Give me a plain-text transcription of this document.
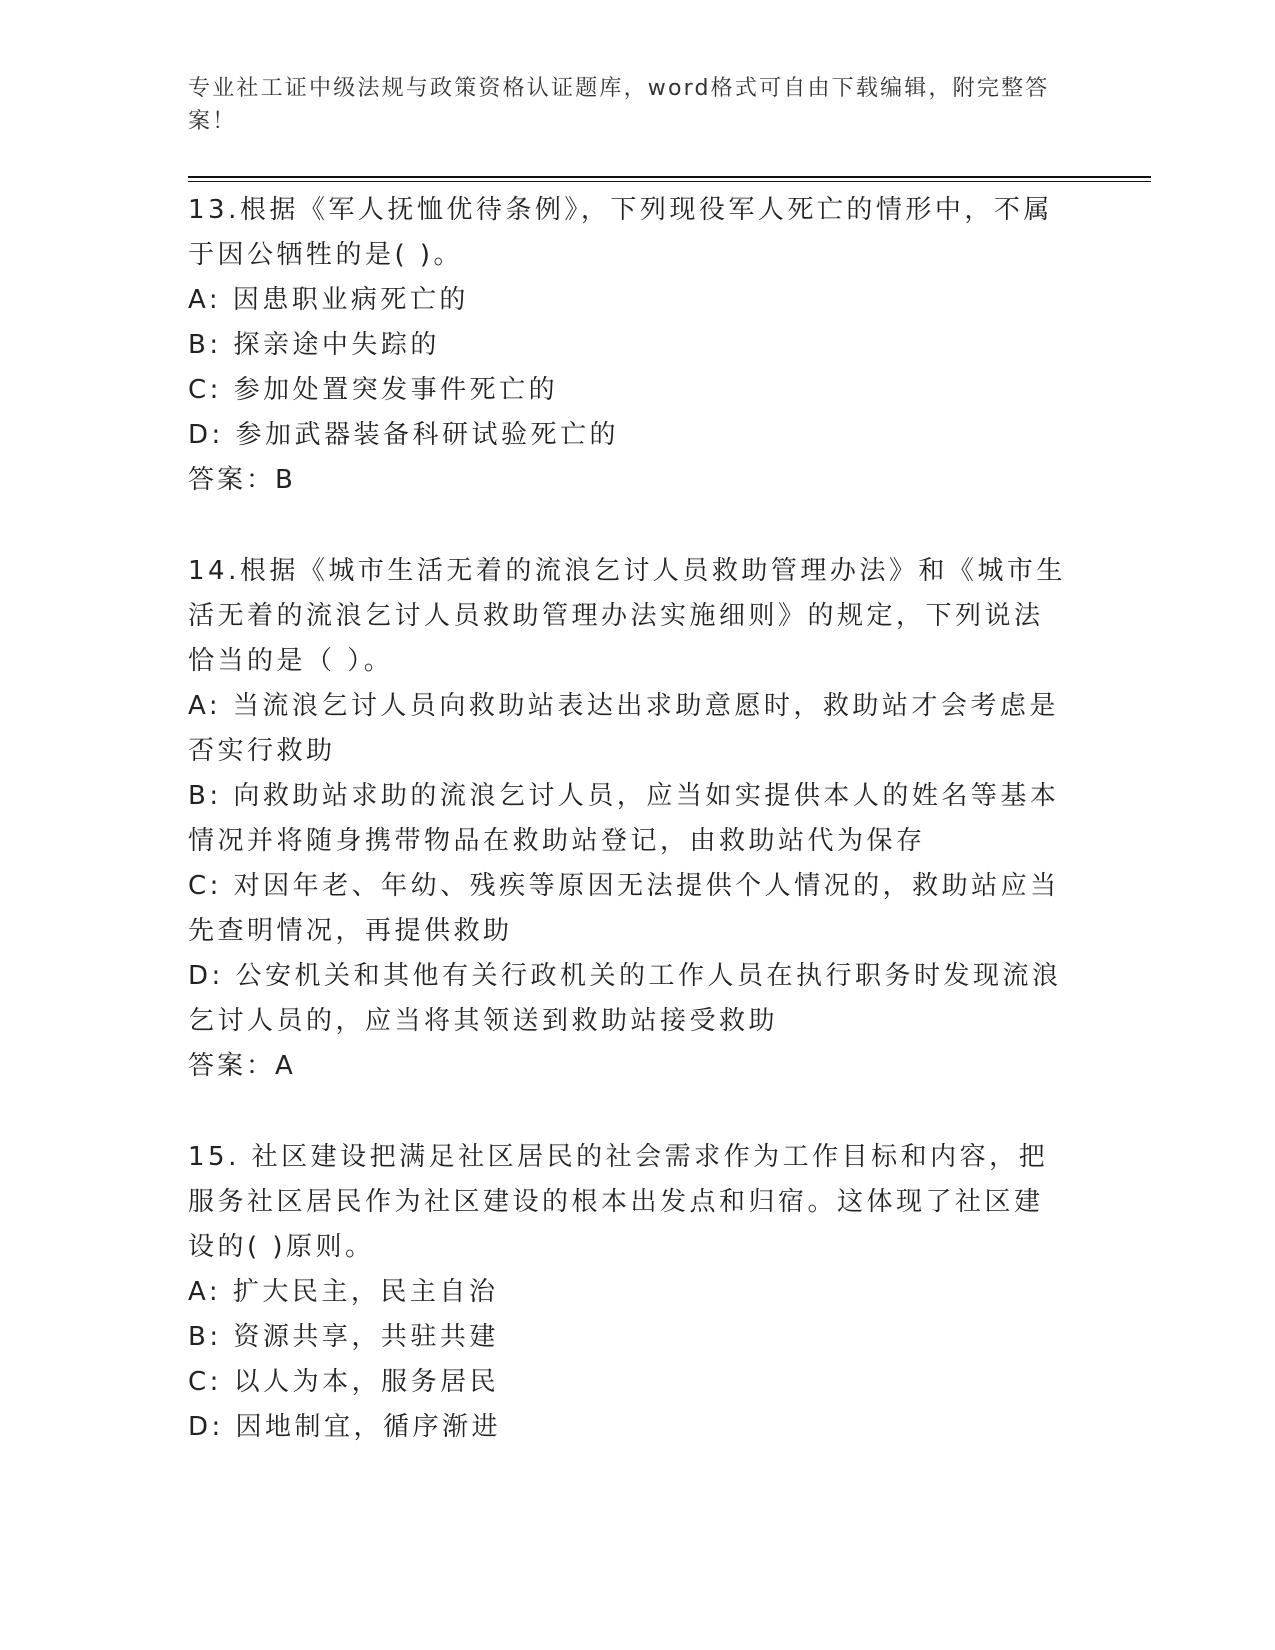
专业社工证中级法规与政策资格认证题库，word格式可自由下载编辑，附完整答案！

13.根据《军人抚恤优待条例》，下列现役军人死亡的情形中，不属于因公牺牲的是( )。

A: 因患职业病死亡的
B: 探亲途中失踪的
C: 参加处置突发事件死亡的
D: 参加武器装备科研试验死亡的

答案：B

14.根据《城市生活无着的流浪乞讨人员救助管理办法》和《城市生活无着的流浪乞讨人员救助管理办法实施细则》的规定，下列说法恰当的是（ ）。

A: 当流浪乞讨人员向救助站表达出求助意愿时，救助站才会考虑是否实行救助
B: 向救助站求助的流浪乞讨人员，应当如实提供本人的姓名等基本情况并将随身携带物品在救助站登记，由救助站代为保存
C: 对因年老、年幼、残疾等原因无法提供个人情况的，救助站应当先查明情况，再提供救助
D: 公安机关和其他有关行政机关的工作人员在执行职务时发现流浪乞讨人员的，应当将其领送到救助站接受救助

答案：A

15. 社区建设把满足社区居民的社会需求作为工作目标和内容，把服务社区居民作为社区建设的根本出发点和归宿。这体现了社区建设的( )原则。

A: 扩大民主，民主自治
B: 资源共享，共驻共建
C: 以人为本，服务居民
D: 因地制宜，循序渐进
